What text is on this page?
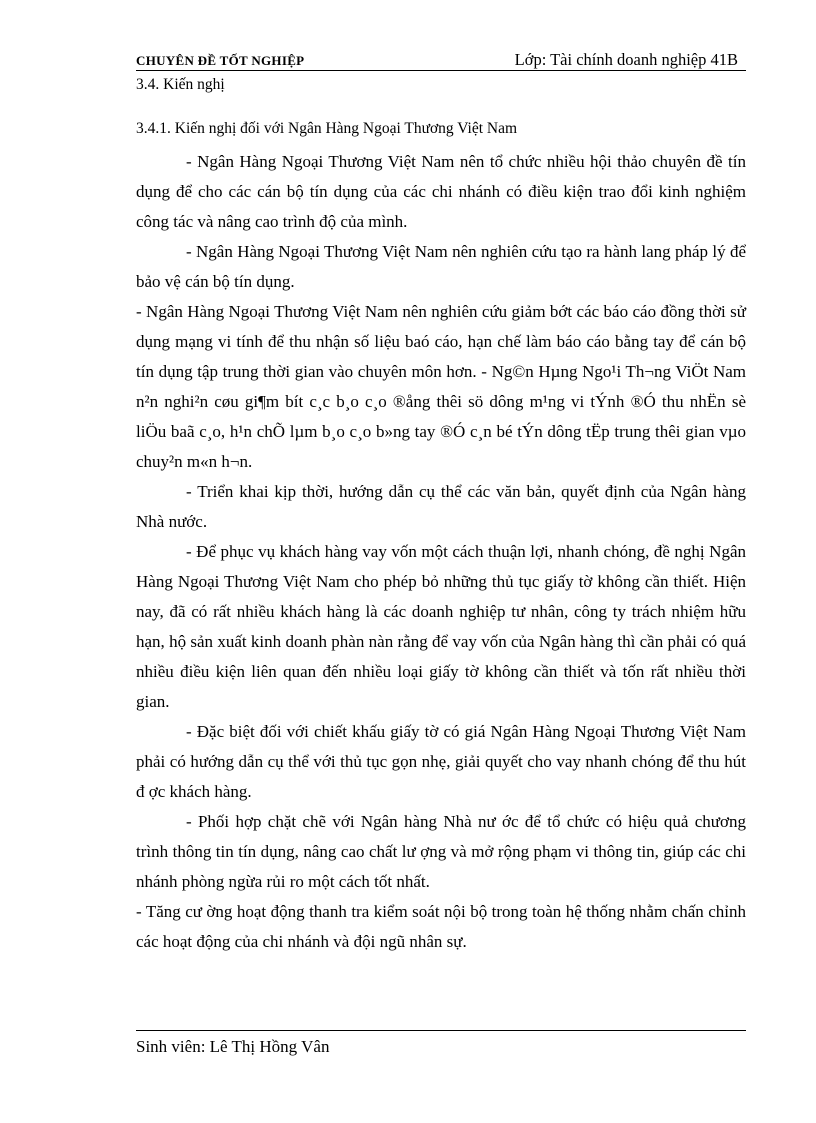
CHUYÊN ĐỀ TỐT NGHIỆP	Lớp: Tài chính doanh nghiệp 41B
3.4. Kiến nghị
3.4.1. Kiến nghị đối với Ngân Hàng Ngoại Thương Việt Nam

- Ngân Hàng Ngoại Thương Việt Nam nên tổ chức nhiều hội thảo chuyên đề tín dụng để cho các cán bộ tín dụng của các chi nhánh có điều kiện trao đổi kinh nghiệm công tác và nâng cao trình độ của mình.

- Ngân Hàng Ngoại Thương Việt Nam nên nghiên cứu tạo ra hành lang pháp lý để bảo vệ cán bộ tín dụng.

- Ngân Hàng Ngoại Thương Việt Nam nên nghiên cứu giảm bớt các báo cáo đồng thời sử dụng mạng vi tính để thu nhận số liệu baó cáo, hạn chế làm báo cáo bằng tay để cán bộ tín dụng tập trung thời gian vào chuyên môn hơn. - Ng©n Hµng Ngo¹i Th¬ng ViÖt Nam n²n nghi²n cøu gi¶m bít c¸c b¸o c¸o ®ång thêi sö dông m¹ng vi tÝnh ®Ó thu nhËn sè liÖu baã c¸o, h¹n chÕ lµm b¸o c¸o b»ng tay ®Ó c¸n bé tÝn dông tËp trung thêi gian vµo chuy²n m«n h¬n.

- Triển khai kịp thời, hướng dẫn cụ thể các văn bản, quyết định của Ngân hàng Nhà nước.

- Để phục vụ khách hàng vay vốn một cách thuận lợi, nhanh chóng, đề nghị Ngân Hàng Ngoại Thương Việt Nam cho phép bỏ những thủ tục giấy tờ không cần thiết. Hiện nay, đã có rất nhiều khách hàng là các doanh nghiệp tư nhân, công ty trách nhiệm hữu hạn, hộ sản xuất kinh doanh phàn nàn rằng để vay vốn của Ngân hàng thì cần phải có quá nhiều điều kiện liên quan đến nhiều loại giấy tờ không cần thiết và tốn rất nhiều thời gian.

- Đặc biệt đối với chiết khấu giấy tờ có giá Ngân Hàng Ngoại Thương Việt Nam phải có hướng dẫn cụ thể với thủ tục gọn nhẹ, giải quyết cho vay nhanh chóng để thu hút đ ợc khách hàng.

- Phối hợp chặt chẽ với Ngân hàng Nhà nư ớc để tổ chức có hiệu quả chương trình thông tin tín dụng, nâng cao chất lư ợng và mở rộng phạm vi thông tin, giúp các chi nhánh phòng ngừa rủi ro một cách tốt nhất.

- Tăng cư ờng hoạt động thanh tra kiểm soát nội bộ trong toàn hệ thống nhằm chấn chỉnh các hoạt động của chi nhánh và đội ngũ nhân sự.

Sinh viên: Lê Thị Hồng Vân
